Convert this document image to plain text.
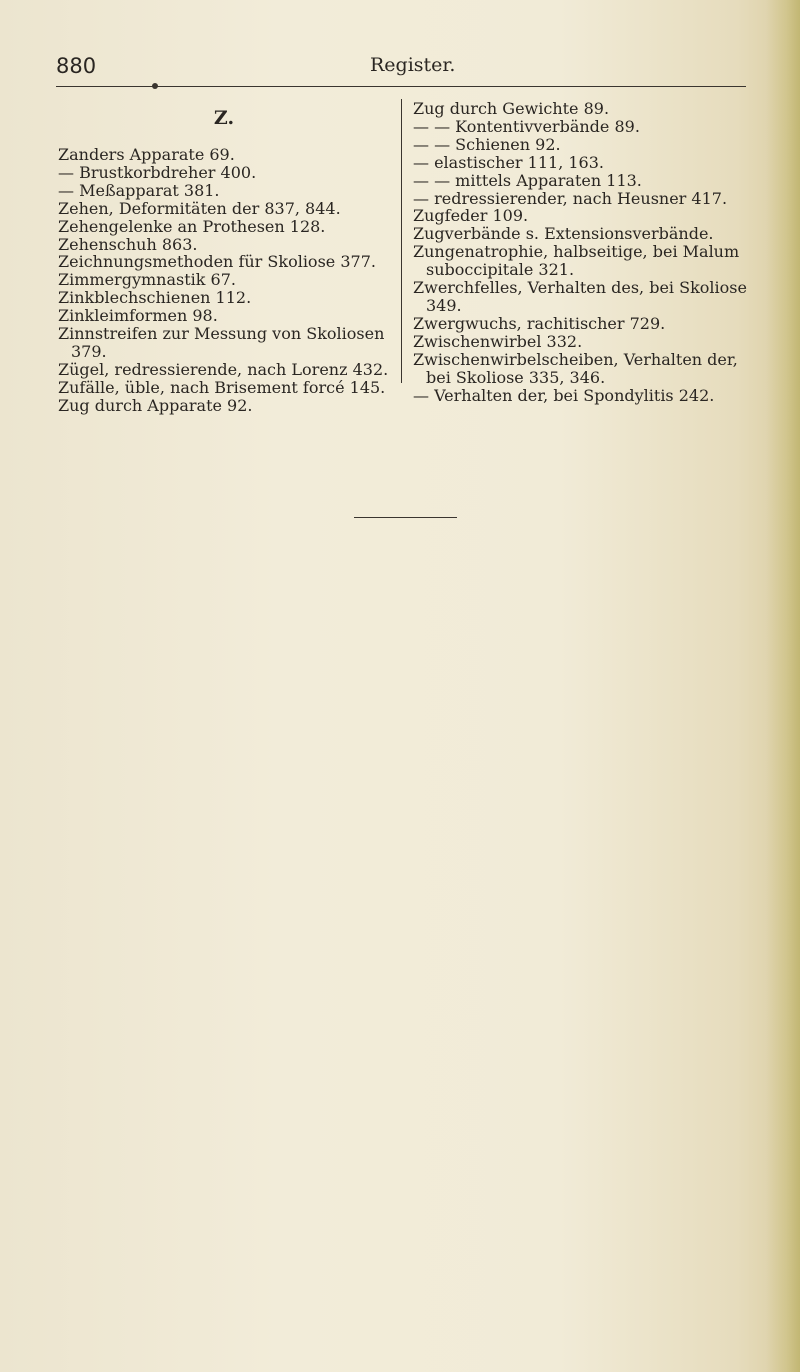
880	Register.
Z.
Zanders Apparate 69.
— Brustkorbdreher 400.
— Meßapparat 381.
Zehen, Deformitäten der 837, 844.
Zehengelenke an Prothesen 128.
Zehenschuh 863.
Zeichnungsmethoden für Skoliose 377.
Zimmergymnastik 67.
Zinkblechschienen 112.
Zinkleimformen 98.
Zinnstreifen zur Messung von Skoliosen 379.
Zügel, redressierende, nach Lorenz 432.
Zufälle, üble, nach Brisement forcé 145.
Zug durch Apparate 92.
Zug durch Gewichte 89.
— — Kontentivverbände 89.
— — Schienen 92.
— elastischer 111, 163.
— — mittels Apparaten 113.
— redressierender, nach Heusner 417.
Zugfeder 109.
Zugverbände s. Extensionsverbände.
Zungenatrophie, halbseitige, bei Malum suboccipitale 321.
Zwerchfelles, Verhalten des, bei Skoliose 349.
Zwergwuchs, rachitischer 729.
Zwischenwirbel 332.
Zwischenwirbelscheiben, Verhalten der, bei Skoliose 335, 346.
— Verhalten der, bei Spondylitis 242.
